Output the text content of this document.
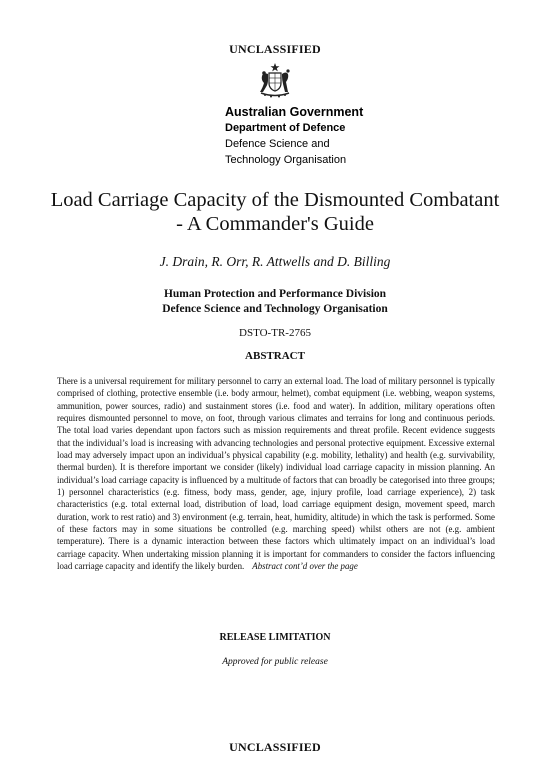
UNCLASSIFIED
Australian Government
Department of Defence
Defence Science and
Technology Organisation
Load Carriage Capacity of the Dismounted Combatant
- A Commander's Guide
J. Drain, R. Orr, R. Attwells and D. Billing
Human Protection and Performance Division
Defence Science and Technology Organisation
DSTO-TR-2765
ABSTRACT

There is a universal requirement for military personnel to carry an external load. The load of military personnel is typically comprised of clothing, protective ensemble (i.e. body armour, helmet), combat equipment (i.e. webbing, weapon systems, ammunition, power sources, radio) and sustainment stores (i.e. food and water). In addition, military operations often requires dismounted personnel to move, on foot, through various climates and terrains for long and continuous periods. The total load varies dependant upon factors such as mission requirements and threat profile. Recent evidence suggests that the individual’s load is increasing with advancing technologies and personal protective equipment. Excessive external load may adversely impact upon an individual’s physical capability (e.g. mobility, lethality) and health (e.g. survivability, thermal burden). It is therefore important we consider (likely) individual load carriage capacity in mission planning. An individual’s load carriage capacity is influenced by a multitude of factors that can broadly be categorised into three groups; 1) personnel characteristics (e.g. fitness, body mass, gender, age, injury profile, load carriage experience), 2) task characteristics (e.g. total external load, distribution of load, load carriage equipment design, movement speed, march duration, work to rest ratio) and 3) environment (e.g. terrain, heat, humidity, altitude) in which the task is performed. Some of these factors may in some situations be controlled (e.g. marching speed) whilst others are not (e.g. ambient temperature). There is a dynamic interaction between these factors which ultimately impact on an individual’s load carriage capacity. When undertaking mission planning it is important for commanders to consider the factors influencing load carriage capacity and identify the likely burden. Abstract cont’d over the page

RELEASE LIMITATION
Approved for public release
UNCLASSIFIED
